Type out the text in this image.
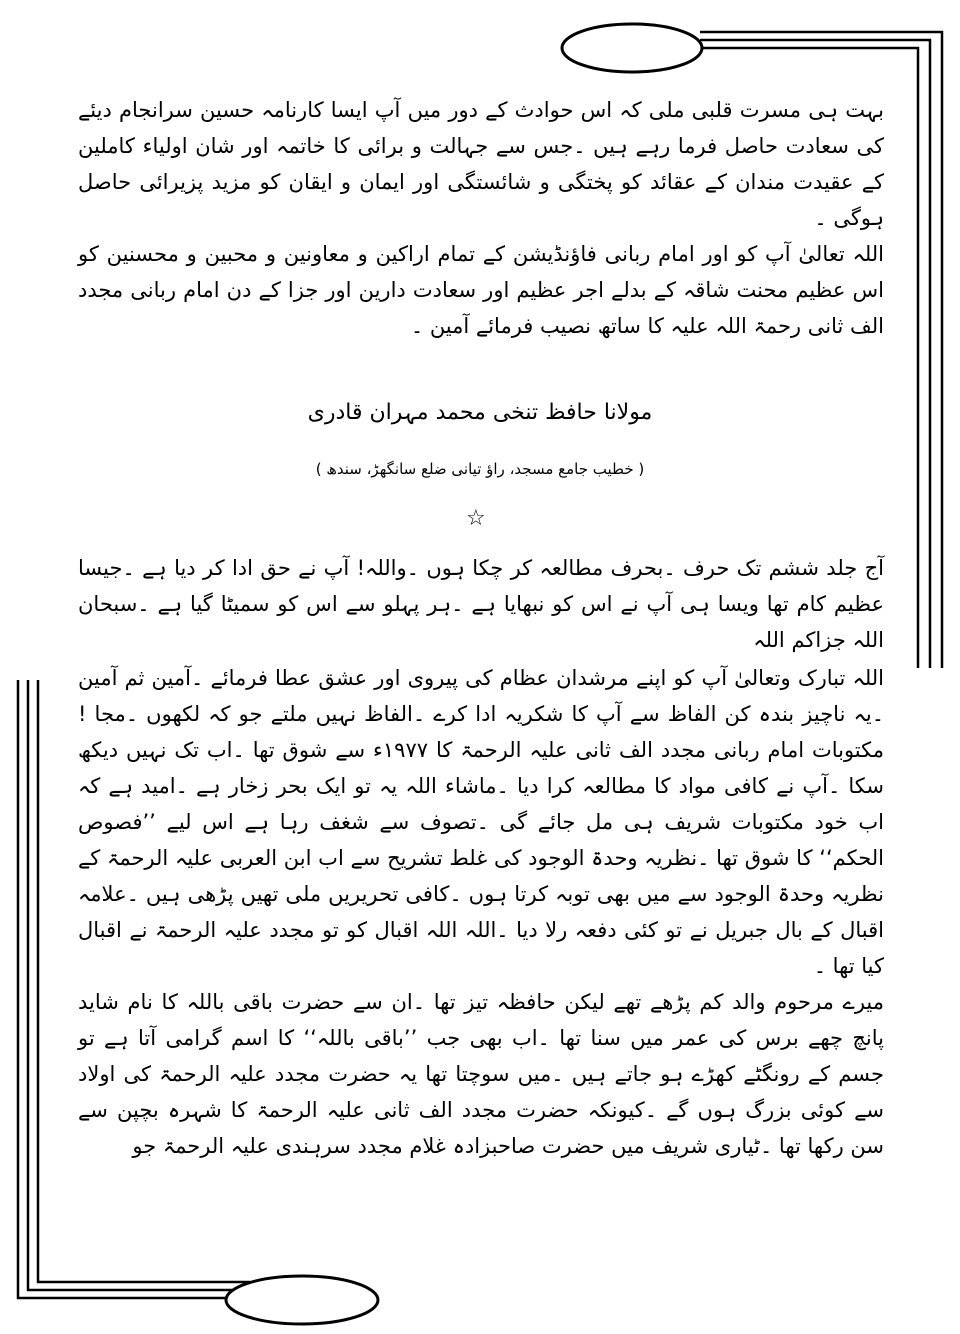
بہت ہی مسرت قلبی ملی کہ اس حوادث کے دور میں آپ ایسا کارنامہ حسین سرانجام دیئے کی سعادت حاصل فرما رہے ہیں ۔جس سے جہالت و برائی کا خاتمہ اور شان اولیاء کاملین کے عقیدت مندان کے عقائد کو پختگی و شائستگی اور ایمان و ایقان کو مزید پزیرائی حاصل ہوگی ۔

اللہ تعالیٰ آپ کو اور امام ربانی فاؤنڈیشن کے تمام اراکین و معاونین و محبین و محسنین کو اس عظیم محنت شاقہ کے بدلے اجر عظیم اور سعادت دارین اور جزا کے دن امام ربانی مجدد الف ثانی رحمۃ اللہ علیہ کا ساتھ نصیب فرمائے آمین ۔

مولانا حافظ تنخی محمد مہران قادری
( خطیب جامع مسجد، راؤ تیانی ضلع سانگھڑ، سندھ )
☆

آج جلد ششم تک حرف ۔بحرف مطالعہ کر چکا ہوں ۔واللہ! آپ نے حق ادا کر دیا ہے ۔جیسا عظیم کام تھا ویسا ہی آپ نے اس کو نبھایا ہے ۔ہر پہلو سے اس کو سمیٹا گیا ہے ۔سبحان اللہ جزاکم اللہ

اللہ تبارک وتعالیٰ آپ کو اپنے مرشدان عظام کی پیروی اور عشق عطا فرمائے ۔آمین ثم آمین ۔یہ ناچیز بندہ کن الفاظ سے آپ کا شکریہ ادا کرے ۔الفاظ نہیں ملتے جو کہ لکھوں ۔مجا !مکتوبات امام ربانی مجدد الف ثانی علیہ الرحمۃ کا ۱۹۷۷ء سے شوق تھا ۔اب تک نہیں دیکھ سکا ۔آپ نے کافی مواد کا مطالعہ کرا دیا ۔ماشاء اللہ یہ تو ایک بحر زخار ہے ۔امید ہے کہ اب خود مکتوبات شریف ہی مل جائے گی ۔تصوف سے شغف رہا ہے اس لیے ’’فصوص الحکم‘‘ کا شوق تھا ۔نظریہ وحدۃ الوجود کی غلط تشریح سے اب ابن العربی علیہ الرحمۃ کے نظریہ وحدۃ الوجود سے میں بھی توبہ کرتا ہوں ۔کافی تحریریں ملی تھیں پڑھی ہیں ۔علامہ اقبال کے بال جبریل نے تو کئی دفعہ رلا دیا ۔اللہ اللہ اقبال کو تو مجدد علیہ الرحمۃ نے اقبال کیا تھا ۔

میرے مرحوم والد کم پڑھے تھے لیکن حافظہ تیز تھا ۔ان سے حضرت باقی باللہ کا نام شاید پانچ چھے برس کی عمر میں سنا تھا ۔اب بھی جب ’’باقی باللہ‘‘ کا اسم گرامی آتا ہے تو جسم کے رونگٹے کھڑے ہو جاتے ہیں ۔میں سوچتا تھا یہ حضرت مجدد علیہ الرحمۃ کی اولاد سے کوئی بزرگ ہوں گے ۔کیونکہ حضرت مجدد الف ثانی علیہ الرحمۃ کا شہرہ بچپن سے سن رکھا تھا ۔ٹیاری شریف میں حضرت صاحبزادہ غلام مجدد سرہندی علیہ الرحمۃ جو
